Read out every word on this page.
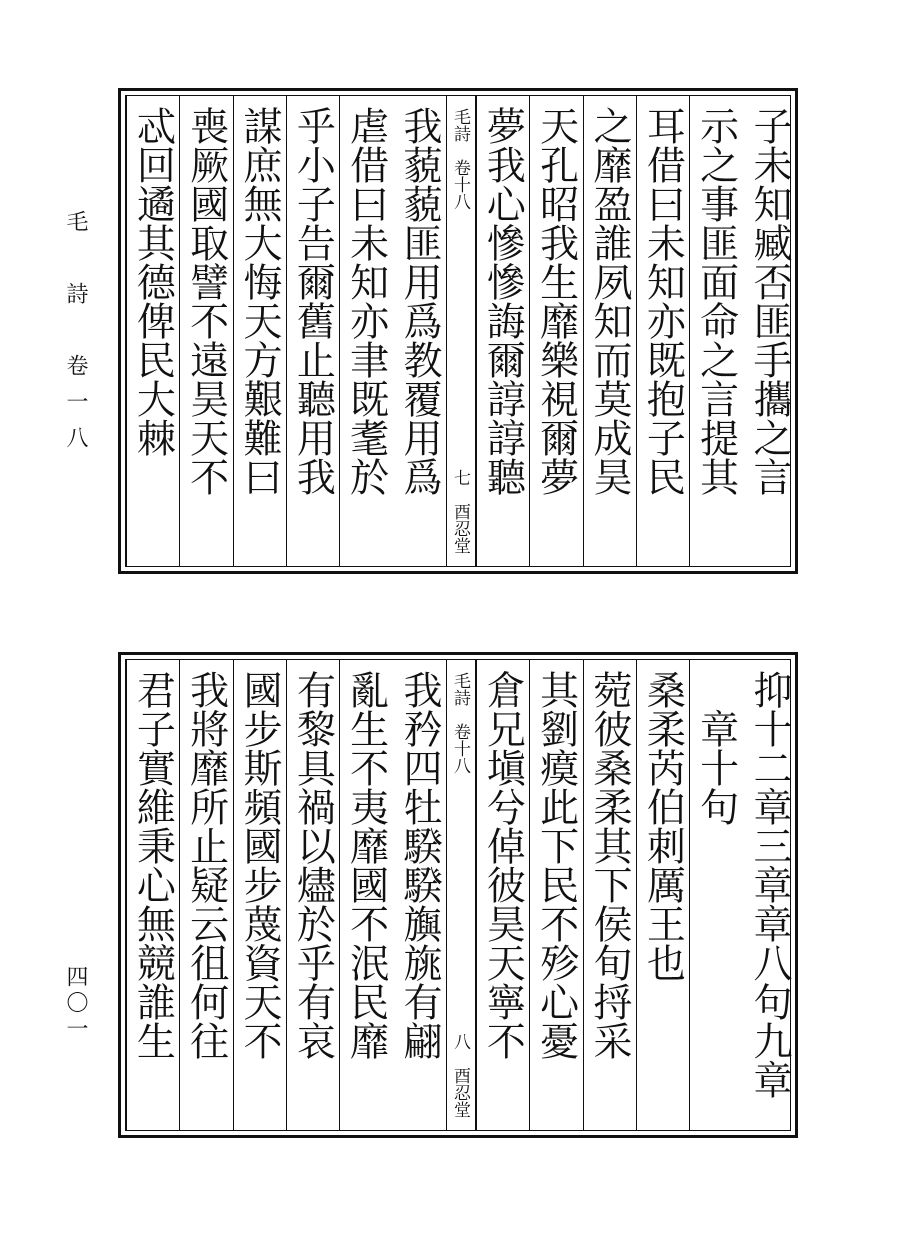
毛　詩　卷一八
四〇一
子未知臧否匪手攜之言
示之事匪面命之言提其
耳借曰未知亦既抱子民
之靡盈誰夙知而莫成昊
天孔昭我生靡樂視爾夢
夢我心慘慘誨爾諄諄聽
毛詩　卷十八
七　酉忍堂
我藐藐匪用爲教覆用爲
虐借曰未知亦聿既耄於
乎小子告爾舊止聽用我
謀庶無大悔天方艱難曰
喪厥國取譬不遠昊天不
忒回遹其德俾民大棘
抑十二章三章章八句九章
　章十句
桑柔芮伯刺厲王也
菀彼桑柔其下侯旬捋采
其劉瘼此下民不殄心憂
倉兄塡兮倬彼昊天寧不
毛詩　卷十八
八　酉忍堂
我矜四牡騤騤旟旐有翩
亂生不夷靡國不泯民靡
有黎具禍以燼於乎有哀
國步斯頻國步蔑資天不
我將靡所止疑云徂何往
君子實維秉心無競誰生
